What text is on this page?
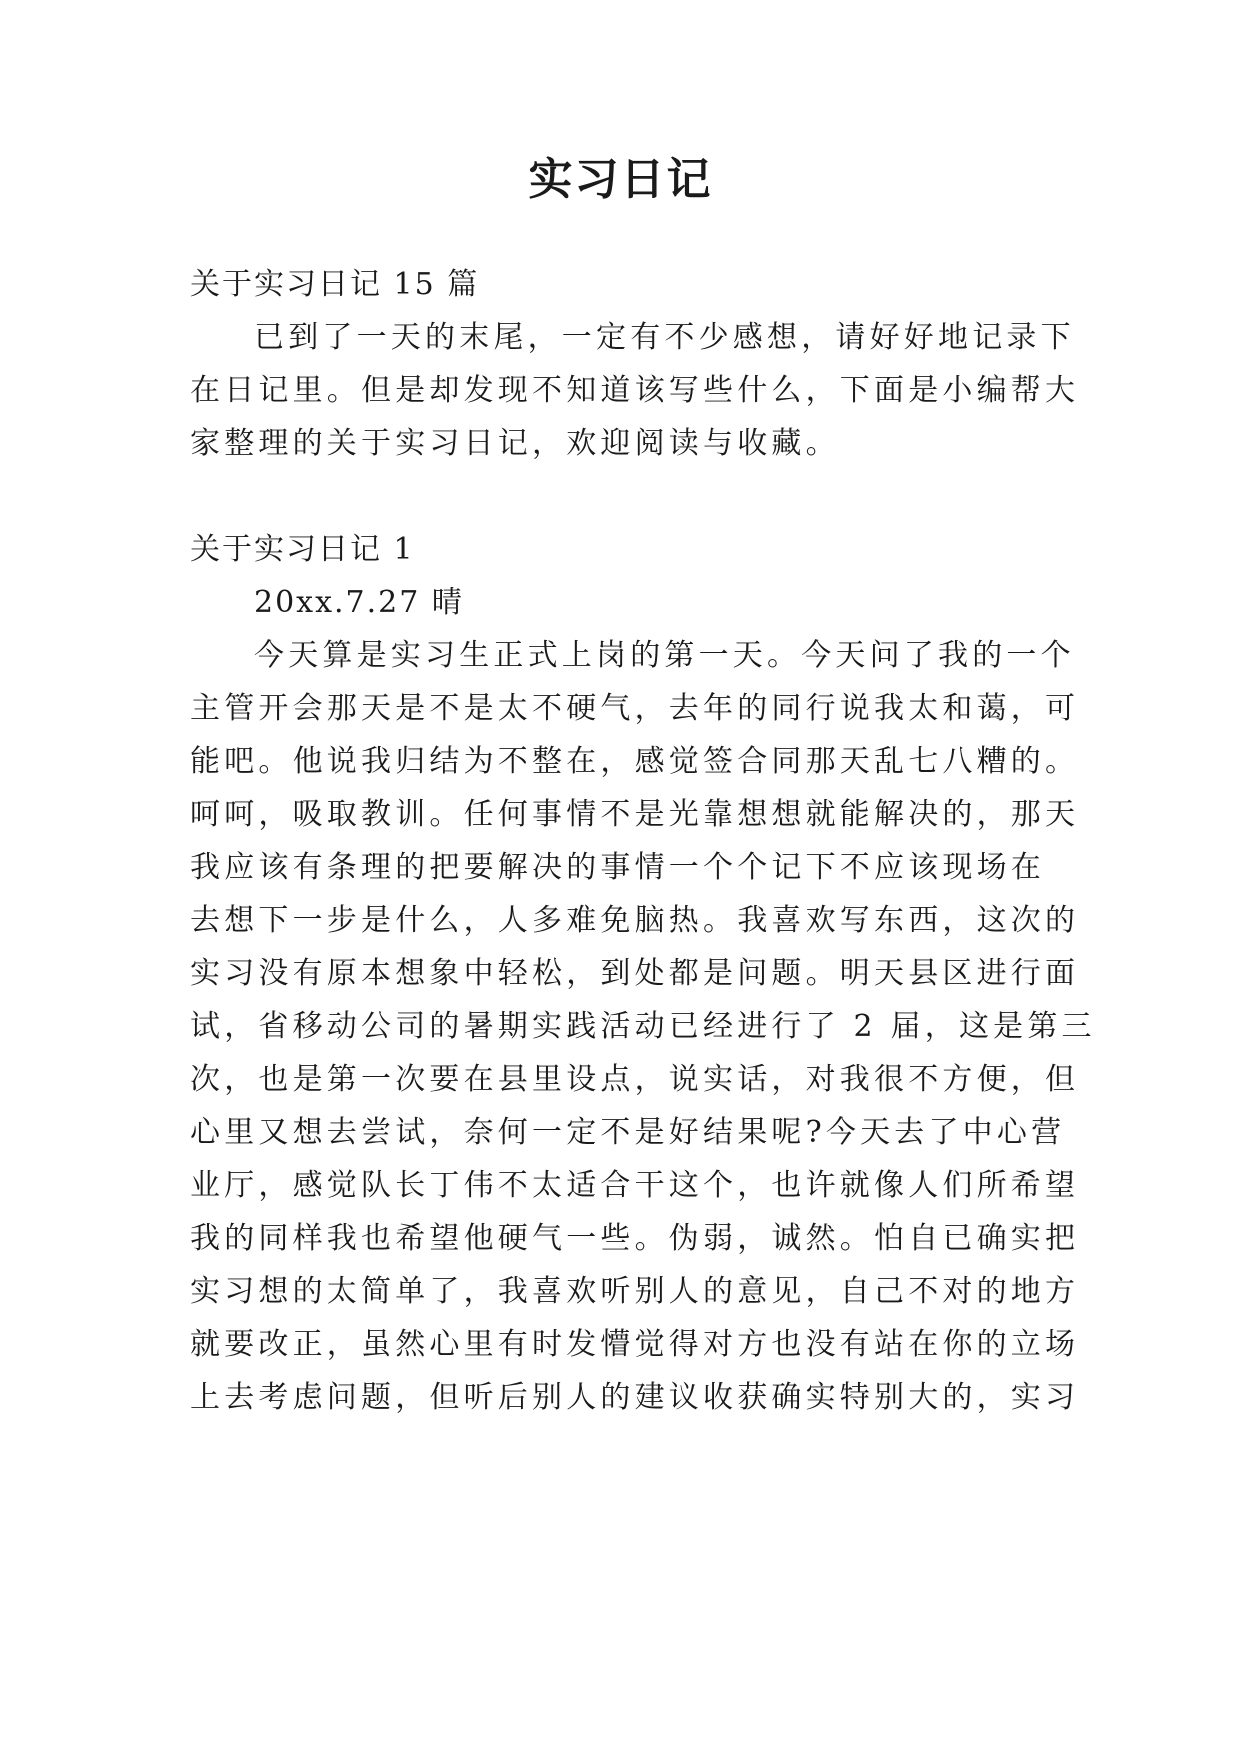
实习日记
关于实习日记 15 篇
已到了一天的末尾，一定有不少感想，请好好地记录下
在日记里。但是却发现不知道该写些什么，下面是小编帮大
家整理的关于实习日记，欢迎阅读与收藏。
关于实习日记 1
20xx.7.27 晴
今天算是实习生正式上岗的第一天。今天问了我的一个
主管开会那天是不是太不硬气，去年的同行说我太和蔼，可
能吧。他说我归结为不整在，感觉签合同那天乱七八糟的。
呵呵，吸取教训。任何事情不是光靠想想就能解决的，那天
我应该有条理的把要解决的事情一个个记下不应该现场在
去想下一步是什么，人多难免脑热。我喜欢写东西，这次的
实习没有原本想象中轻松，到处都是问题。明天县区进行面
试，省移动公司的暑期实践活动已经进行了 2 届，这是第三
次，也是第一次要在县里设点，说实话，对我很不方便，但
心里又想去尝试，奈何一定不是好结果呢?今天去了中心营
业厅，感觉队长丁伟不太适合干这个，也许就像人们所希望
我的同样我也希望他硬气一些。伪弱，诚然。怕自已确实把
实习想的太简单了，我喜欢听别人的意见，自己不对的地方
就要改正，虽然心里有时发懵觉得对方也没有站在你的立场
上去考虑问题，但听后别人的建议收获确实特别大的，实习
